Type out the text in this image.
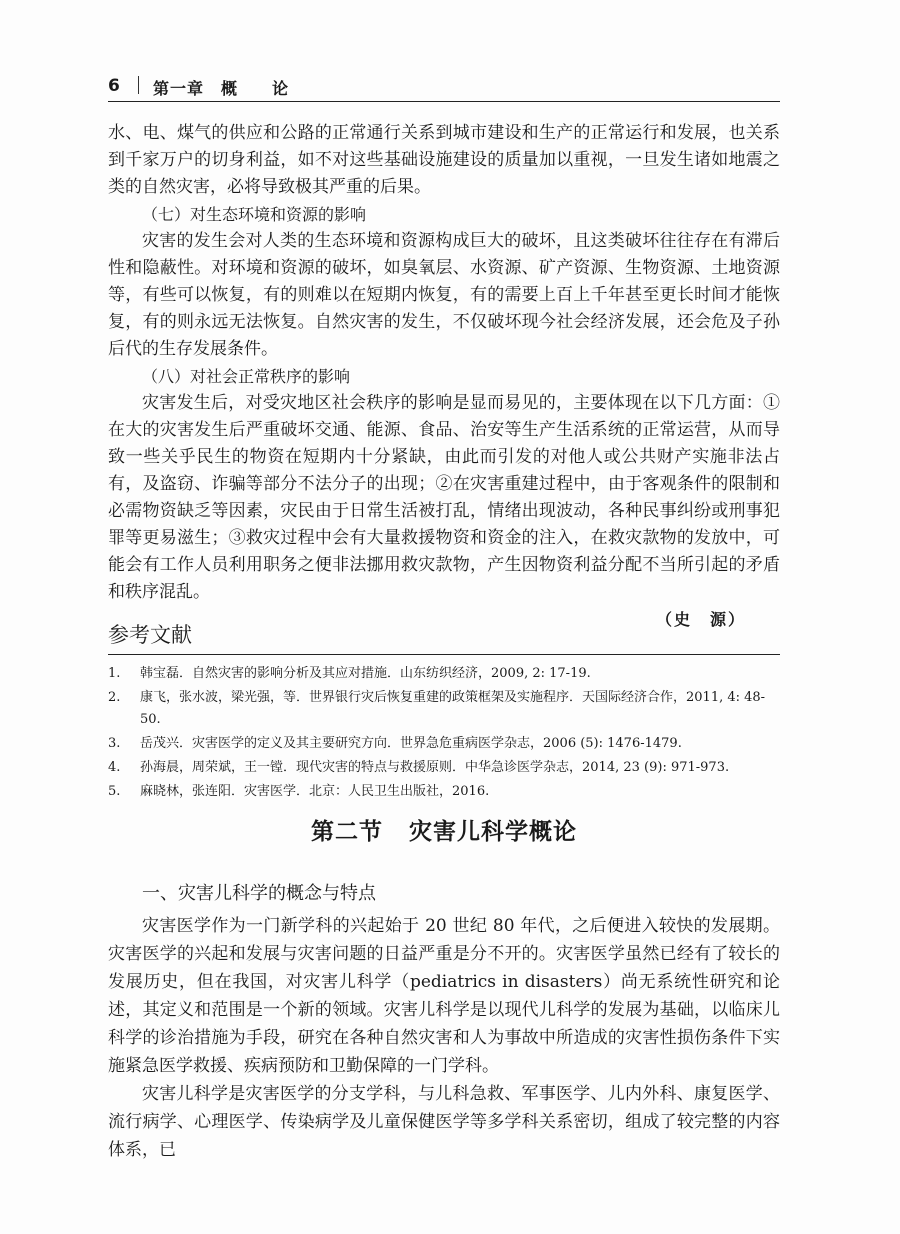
6 第一章　概　　论

水、电、煤气的供应和公路的正常通行关系到城市建设和生产的正常运行和发展，也关系到千家万户的切身利益，如不对这些基础设施建设的质量加以重视，一旦发生诸如地震之类的自然灾害，必将导致极其严重的后果。

（七）对生态环境和资源的影响

灾害的发生会对人类的生态环境和资源构成巨大的破坏，且这类破坏往往存在有滞后性和隐蔽性。对环境和资源的破坏，如臭氧层、水资源、矿产资源、生物资源、土地资源等，有些可以恢复，有的则难以在短期内恢复，有的需要上百上千年甚至更长时间才能恢复，有的则永远无法恢复。自然灾害的发生，不仅破坏现今社会经济发展，还会危及子孙后代的生存发展条件。

（八）对社会正常秩序的影响

灾害发生后，对受灾地区社会秩序的影响是显而易见的，主要体现在以下几方面：①在大的灾害发生后严重破坏交通、能源、食品、治安等生产生活系统的正常运营，从而导致一些关乎民生的物资在短期内十分紧缺，由此而引发的对他人或公共财产实施非法占有，及盗窃、诈骗等部分不法分子的出现；②在灾害重建过程中，由于客观条件的限制和必需物资缺乏等因素，灾民由于日常生活被打乱，情绪出现波动，各种民事纠纷或刑事犯罪等更易滋生；③救灾过程中会有大量救援物资和资金的注入，在救灾款物的发放中，可能会有工作人员利用职务之便非法挪用救灾款物，产生因物资利益分配不当所引起的矛盾和秩序混乱。

（史　源）
参考文献
1. 韩宝磊．自然灾害的影响分析及其应对措施．山东纺织经济，2009, 2: 17-19.
2. 康飞，张水波，梁光强，等．世界银行灾后恢复重建的政策框架及实施程序．天国际经济合作，2011, 4: 48-50.
3. 岳茂兴．灾害医学的定义及其主要研究方向．世界急危重病医学杂志，2006 (5): 1476-1479.
4. 孙海晨，周荣斌，王一镗．现代灾害的特点与救援原则．中华急诊医学杂志，2014, 23 (9): 971-973.
5. 麻晓林，张连阳．灾害医学．北京：人民卫生出版社，2016.
第二节 灾害儿科学概论
一、灾害儿科学的概念与特点

灾害医学作为一门新学科的兴起始于 20 世纪 80 年代，之后便进入较快的发展期。灾害医学的兴起和发展与灾害问题的日益严重是分不开的。灾害医学虽然已经有了较长的发展历史，但在我国，对灾害儿科学（pediatrics in disasters）尚无系统性研究和论述，其定义和范围是一个新的领域。灾害儿科学是以现代儿科学的发展为基础，以临床儿科学的诊治措施为手段，研究在各种自然灾害和人为事故中所造成的灾害性损伤条件下实施紧急医学救援、疾病预防和卫勤保障的一门学科。

灾害儿科学是灾害医学的分支学科，与儿科急救、军事医学、儿内外科、康复医学、流行病学、心理医学、传染病学及儿童保健医学等多学科关系密切，组成了较完整的内容体系，已
